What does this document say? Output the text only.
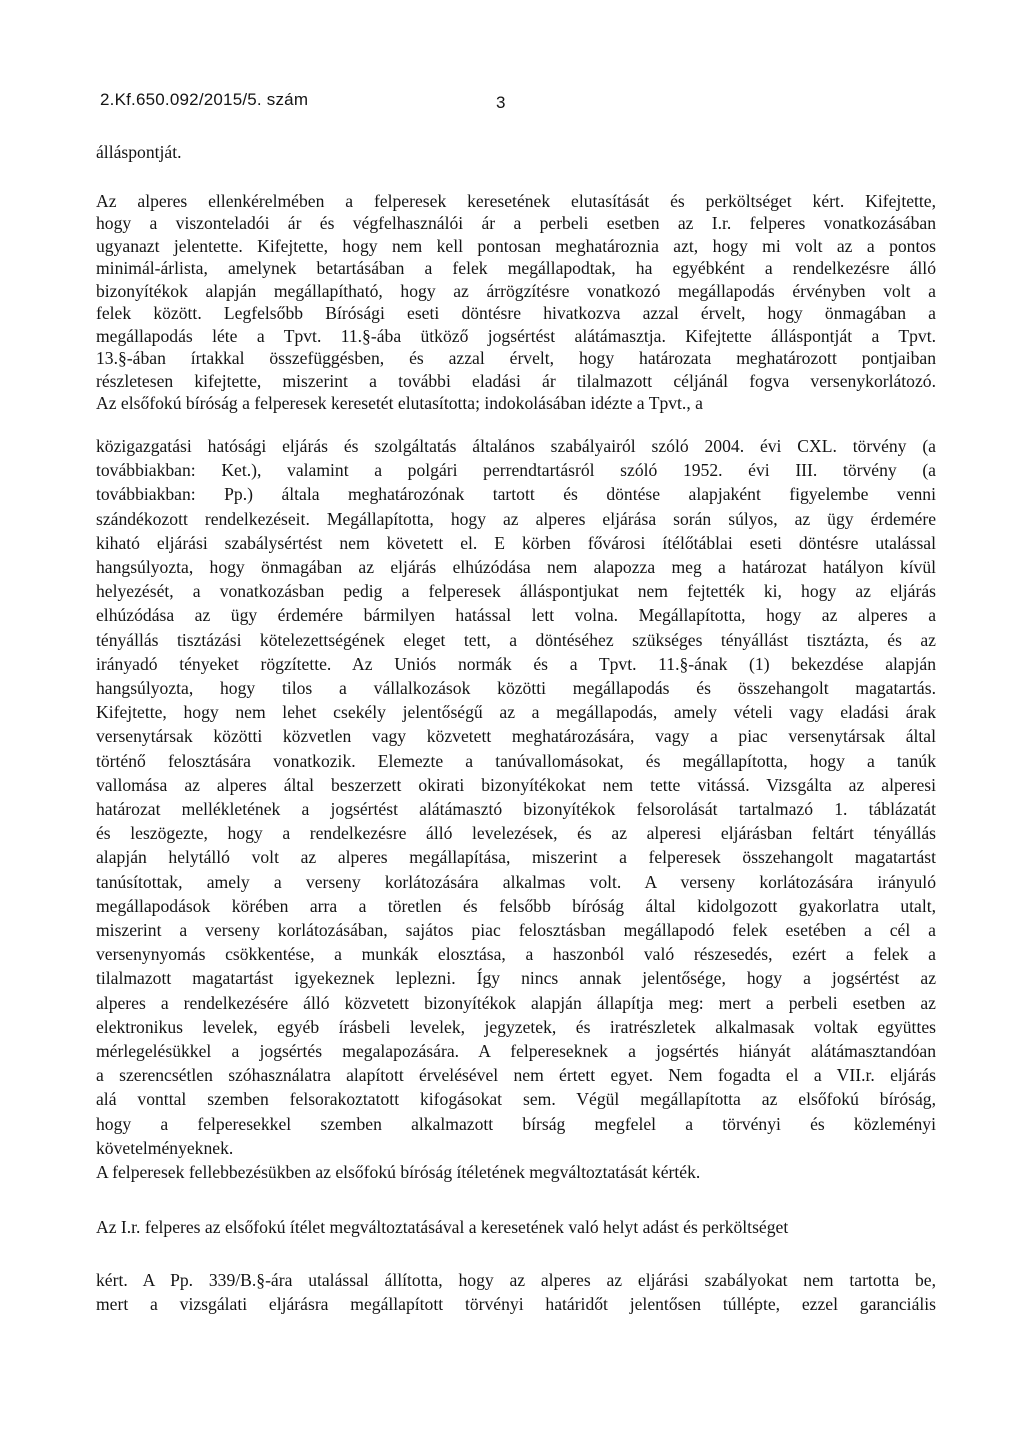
2.Kf.650.092/2015/5. szám	3
álláspontját.
Az alperes ellenkérelmében a felperesek keresetének elutasítását és perköltséget kért. Kifejtette,
hogy a viszonteladói ár és végfelhasználói ár a perbeli esetben az I.r. felperes vonatkozásában
ugyanazt jelentette. Kifejtette, hogy nem kell pontosan meghatároznia azt, hogy mi volt az a pontos
minimál-árlista, amelynek betartásában a felek megállapodtak, ha egyébként a rendelkezésre álló
bizonyítékok alapján megállapítható, hogy az árrögzítésre vonatkozó megállapodás érvényben volt a
felek között. Legfelsőbb Bírósági eseti döntésre hivatkozva azzal érvelt, hogy önmagában a
megállapodás léte a Tpvt. 11.§-ába ütköző jogsértést alátámasztja. Kifejtette álláspontját a Tpvt.
13.§-ában írtakkal összefüggésben, és azzal érvelt, hogy határozata meghatározott pontjaiban
részletesen kifejtette, miszerint a további eladási ár tilalmazott céljánál fogva versenykorlátozó.
Az elsőfokú bíróság a felperesek keresetét elutasította; indokolásában idézte a Tpvt., a
közigazgatási hatósági eljárás és szolgáltatás általános szabályairól szóló 2004. évi CXL. törvény (a
továbbiakban: Ket.), valamint a polgári perrendtartásról szóló 1952. évi III. törvény (a
továbbiakban: Pp.) általa meghatározónak tartott és döntése alapjaként figyelembe venni
szándékozott rendelkezéseit. Megállapította, hogy az alperes eljárása során súlyos, az ügy érdemére
kiható eljárási szabálysértést nem követett el. E körben fővárosi ítélőtáblai eseti döntésre utalással
hangsúlyozta, hogy önmagában az eljárás elhúzódása nem alapozza meg a határozat hatályon kívül
helyezését, a vonatkozásban pedig a felperesek álláspontjukat nem fejtették ki, hogy az eljárás
elhúzódása az ügy érdemére bármilyen hatással lett volna. Megállapította, hogy az alperes a
tényállás tisztázási kötelezettségének eleget tett, a döntéséhez szükséges tényállást tisztázta, és az
irányadó tényeket rögzítette. Az Uniós normák és a Tpvt. 11.§-ának (1) bekezdése alapján
hangsúlyozta, hogy tilos a vállalkozások közötti megállapodás és összehangolt magatartás.
Kifejtette, hogy nem lehet csekély jelentőségű az a megállapodás, amely vételi vagy eladási árak
versenytársak közötti közvetlen vagy közvetett meghatározására, vagy a piac versenytársak által
történő felosztására vonatkozik. Elemezte a tanúvallomásokat, és megállapította, hogy a tanúk
vallomása az alperes által beszerzett okirati bizonyítékokat nem tette vitássá. Vizsgálta az alperesi
határozat mellékletének a jogsértést alátámasztó bizonyítékok felsorolását tartalmazó 1. táblázatát
és leszögezte, hogy a rendelkezésre álló levelezések, és az alperesi eljárásban feltárt tényállás
alapján helytálló volt az alperes megállapítása, miszerint a felperesek összehangolt magatartást
tanúsítottak, amely a verseny korlátozására alkalmas volt. A verseny korlátozására irányuló
megállapodások körében arra a töretlen és felsőbb bíróság által kidolgozott gyakorlatra utalt,
miszerint a verseny korlátozásában, sajátos piac felosztásban megállapodó felek esetében a cél a
versenynyomás csökkentése, a munkák elosztása, a haszonból való részesedés, ezért a felek a
tilalmazott magatartást igyekeznek leplezni. Így nincs annak jelentősége, hogy a jogsértést az
alperes a rendelkezésére álló közvetett bizonyítékok alapján állapítja meg: mert a perbeli esetben az
elektronikus levelek, egyéb írásbeli levelek, jegyzetek, és iratrészletek alkalmasak voltak együttes
mérlegelésükkel a jogsértés megalapozására. A felpereseknek a jogsértés hiányát alátámasztandóan
a szerencsétlen szóhasználatra alapított érvelésével nem értett egyet. Nem fogadta el a VII.r. eljárás
alá vonttal szemben felsorakoztatott kifogásokat sem. Végül megállapította az elsőfokú bíróság,
hogy a felperesekkel szemben alkalmazott bírság megfelel a törvényi és közleményi
követelményeknek.
A felperesek fellebbezésükben az elsőfokú bíróság ítéletének megváltoztatását kérték.
Az I.r. felperes az elsőfokú ítélet megváltoztatásával a keresetének való helyt adást és perköltséget
kért. A Pp. 339/B.§-ára utalással állította, hogy az alperes az eljárási szabályokat nem tartotta be,
mert a vizsgálati eljárásra megállapított törvényi határidőt jelentősen túllépte, ezzel garanciális
